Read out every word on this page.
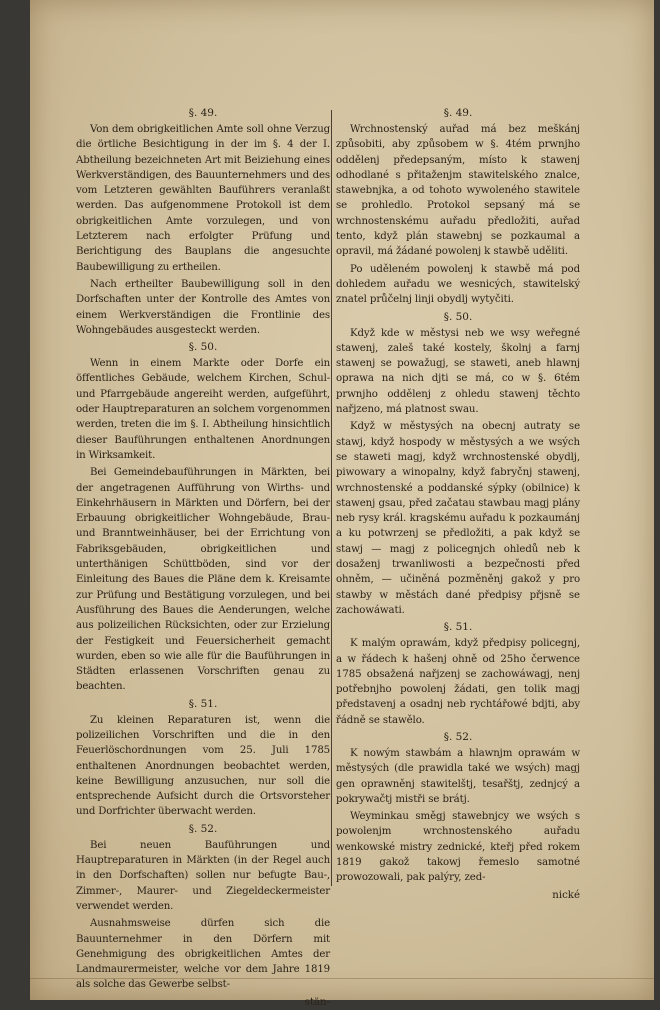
§. 49.

Von dem obrigkeitlichen Amte soll ohne Verzug die örtliche Besichtigung in der im §. 4 der I. Abtheilung bezeichneten Art mit Beiziehung eines Werkverständigen, des Bauunternehmers und des vom Letzteren gewählten Bauführers veranlaßt werden. Das aufgenommene Protokoll ist dem obrigkeitlichen Amte vorzulegen, und von Letzterem nach erfolgter Prüfung und Berichtigung des Bauplans die angesuchte Baubewilligung zu ertheilen.

Nach ertheilter Baubewilligung soll in den Dorfschaften unter der Kontrolle des Amtes von einem Werkverständigen die Frontlinie des Wohngebäudes ausgesteckt werden.

§. 50.

Wenn in einem Markte oder Dorfe ein öffentliches Gebäude, welchem Kirchen, Schul- und Pfarrgebäude angereiht werden, aufgeführt, oder Hauptreparaturen an solchem vorgenommen werden, treten die im §. I. Abtheilung hinsichtlich dieser Bauführungen enthaltenen Anordnungen in Wirksamkeit.

Bei Gemeindebauführungen in Märkten, bei der angetragenen Aufführung von Wirths- und Einkehrhäusern in Märkten und Dörfern, bei der Erbauung obrigkeitlicher Wohngebäude, Brau- und Branntweinhäuser, bei der Errichtung von Fabriksgebäuden, obrigkeitlichen und unterthänigen Schüttböden, sind vor der Einleitung des Baues die Pläne dem k. Kreisamte zur Prüfung und Bestätigung vorzulegen, und bei Ausführung des Baues die Aenderungen, welche aus polizeilichen Rücksichten, oder zur Erzielung der Festigkeit und Feuersicherheit gemacht wurden, eben so wie alle für die Bauführungen in Städten erlassenen Vorschriften genau zu beachten.

§. 51.

Zu kleinen Reparaturen ist, wenn die polizeilichen Vorschriften und die in den Feuerlöschordnungen vom 25. Juli 1785 enthaltenen Anordnungen beobachtet werden, keine Bewilligung anzusuchen, nur soll die entsprechende Aufsicht durch die Ortsvorsteher und Dorfrichter überwacht werden.

§. 52.

Bei neuen Bauführungen und Hauptreparaturen in Märkten (in der Regel auch in den Dorfschaften) sollen nur befugte Bau-, Zimmer-, Maurer- und Ziegeldeckermeister verwendet werden.

Ausnahmsweise dürfen sich die Bauunternehmer in den Dörfern mit Genehmigung des obrigkeitlichen Amtes der Landmaurermeister, welche vor dem Jahre 1819 als solche das Gewerbe selbst-

stän-
§. 49.

Wrchnostenský auřad má bez meškánj způsobiti, aby způsobem w §. 4tém prwnjho oddělenj předepsaným, místo k stawenj odhodlané s přitaženjm stawitelského znalce, stawebnjka, a od tohoto wywoleného stawitele se prohledlo. Protokol sepsaný má se wrchnostenskému auřadu předložiti, auřad tento, když plán stawebnj se pozkaumal a opravil, má žádané powolenj k stawbě uděliti.

Po uděleném powolenj k stawbě má pod dohledem auřadu we wesnicých, stawitelský znatel průčelnj linji obydlj wytyčiti.

§. 50.

Když kde w městysi neb we wsy weřegné stawenj, zaleš také kostely, školnj a farnj stawenj se powažugj, se staweti, aneb hlawnj oprawa na nich djti se má, co w §. 6tém prwnjho oddělenj z ohledu stawenj těchto nařjzeno, má platnost swau.

Když w městysých na obecnj autraty se stawj, když hospody w městysých a we wsých se staweti magj, když wrchnostenské obydlj, piwowary a winopalny, když fabryčnj stawenj, wrchnostenské a poddanské sýpky (obilnice) k stawenj gsau, před začatau stawbau magj plány neb rysy král. kragskému auřadu k pozkaumánj a ku potwrzenj se předložiti, a pak když se stawj — magj z policegnjch ohledů neb k dosaženj trwanliwosti a bezpečnosti před ohněm, — učiněná pozměněnj gakož y pro stawby w městách dané předpisy přjsně se zachowáwati.

§. 51.

K malým oprawám, když předpisy policegnj, a w řádech k hašenj ohně od 25ho čerwence 1785 obsažená nařjzenj se zachowáwagj, nenj potřebnjho powolenj žádati, gen tolik magj představenj a osadnj neb rychtářowé bdjti, aby řádně se stawělo.

§. 52.

K nowým stawbám a hlawnjm oprawám w městysých (dle prawidla také we wsých) magj gen oprawněnj stawitelštj, tesařštj, zednjcý a pokrywačtj mistři se brátj.

Weyminkau směgj stawebnjcy we wsých s powolenjm wrchnostenského auřadu wenkowské mistry zednické, kteřj před rokem 1819 gakož takowj řemeslo samotné prowozowali, pak palýry, zed-

nické
